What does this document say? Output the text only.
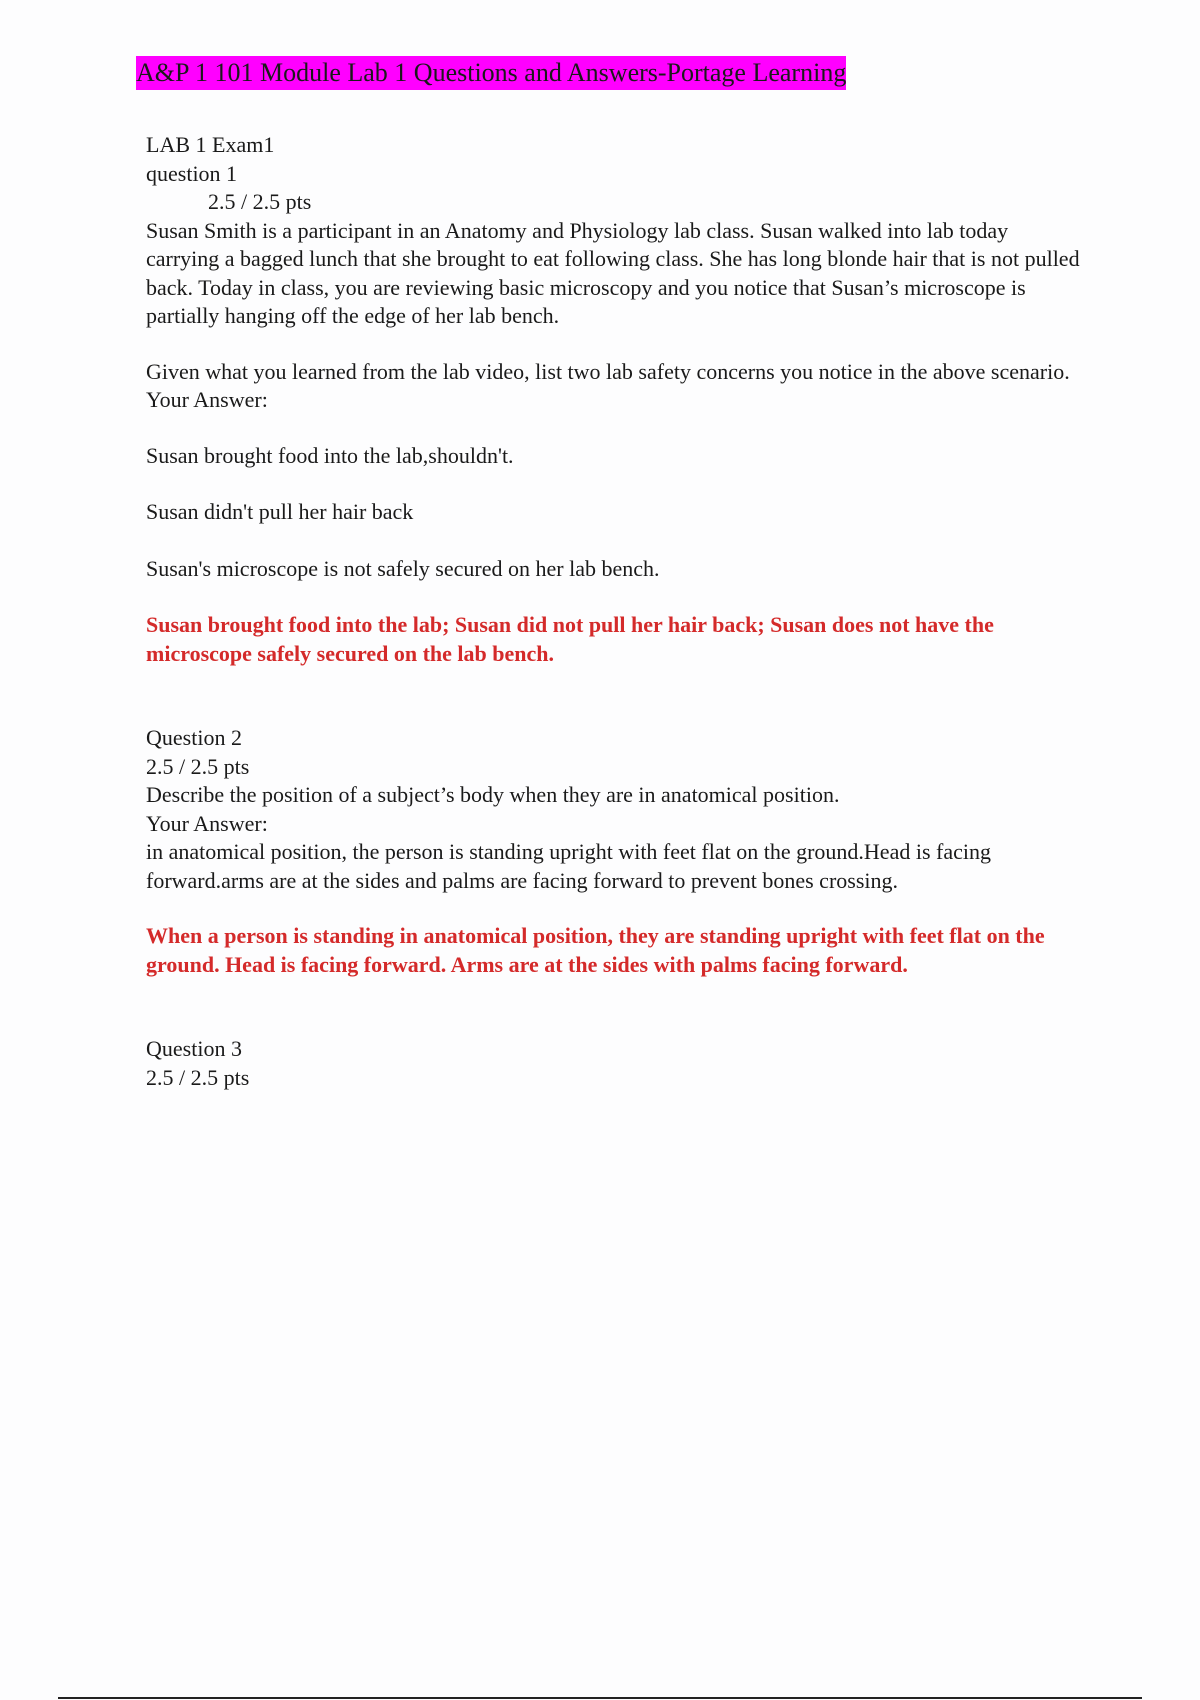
A&P 1 101 Module Lab 1 Questions and Answers-Portage Learning
LAB 1 Exam1
question 1
2.5 / 2.5 pts
Susan Smith is a participant in an Anatomy and Physiology lab class. Susan walked into lab today carrying a bagged lunch that she brought to eat following class. She has long blonde hair that is not pulled back. Today in class, you are reviewing basic microscopy and you notice that Susan’s microscope is partially hanging off the edge of her lab bench.
Given what you learned from the lab video, list two lab safety concerns you notice in the above scenario.
Your Answer:
Susan brought food into the lab,shouldn't.
Susan didn't pull her hair back
Susan's microscope is not safely secured on her lab bench.
Susan brought food into the lab; Susan did not pull her hair back; Susan does not have the microscope safely secured on the lab bench.
Question 2
2.5 / 2.5 pts
Describe the position of a subject’s body when they are in anatomical position.
Your Answer:
in anatomical position, the person is standing upright with feet flat on the ground.Head is facing forward.arms are at the sides and palms are facing forward to prevent bones crossing.
When a person is standing in anatomical position, they are standing upright with feet flat on the ground. Head is facing forward. Arms are at the sides with palms facing forward.
Question 3
2.5 / 2.5 pts
